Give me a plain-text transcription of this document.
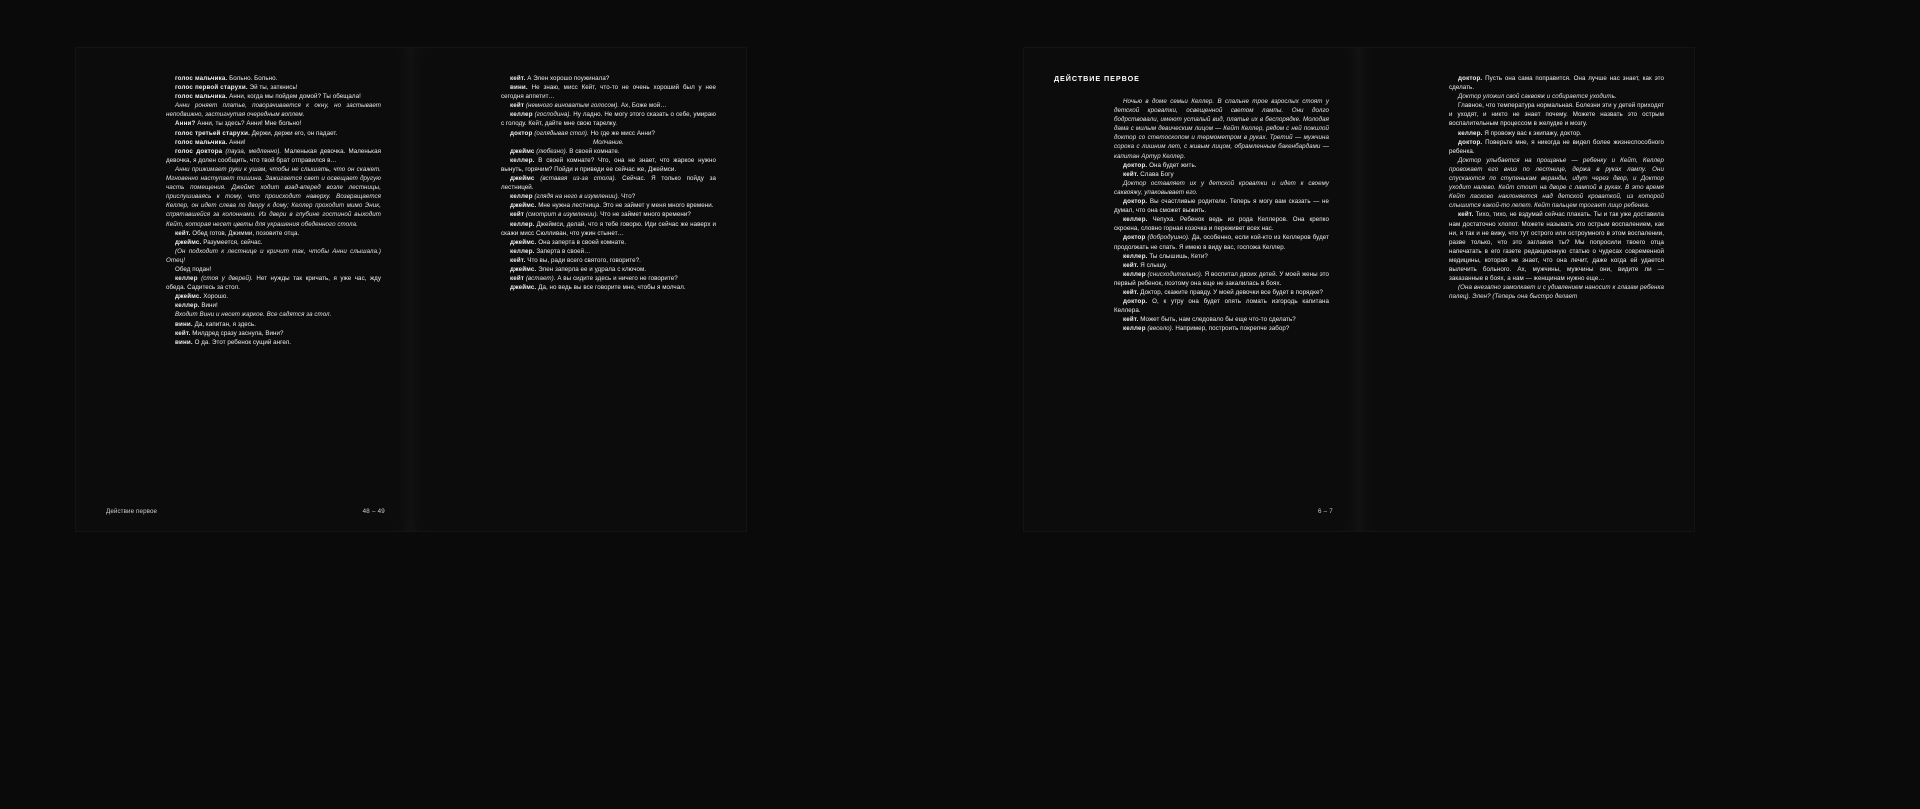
голос мальчика. Больно. Больно.

голос первой старухи. Эй ты, заткнись!

голос мальчика. Анни, когда мы пойдем домой? Ты обещала!

Анни роняет платье, поворачивается к окну, но застывает неподвижно, застигнутая очередным воплем.

Анни? Анни, ты здесь? Анни! Мне больно!

голос третьей старухи. Держи, держи его, он падает.

голос мальчика. Анни!

голос доктора (пауза, медленно). Маленькая девочка. Маленькая девочка, я долен сообщить, что твой брат отправился в…

Анни прижимает руки к ушам, чтобы не слышать, что он скажет. Мгновенно наступает тишина. Зажигается свет и освещает другую часть помещения. Джеймс ходит взад-вперед возле лестницы, прислушиваясь к тому, что происходит наверху. Возвращается Келлер, он идет слева по двору к дому; Келлер проходит мимо Эник, спрятавшейся за колоннами. Из двери в глубине гостиной выходит Кейт, которая несет цветы для украшения обеденного стола.

кейт. Обед готов, Джимми, позовите отца.

джеймс. Разумеется, сейчас.

(Он подходит к лестнице и кричит так, чтобы Анни слышала.) Отец!

Обед подан!

келлер (стоя у дверей). Нет нужды так кричать, я уже час, жду обеда. Садитесь за стол.

джеймс. Хорошо.

келлер. Вини!

Входит Вини и несет жаркое. Все садятся за стол.

вини. Да, капитан, я здесь.

кейт. Милдред сразу заснула, Вини?

вини. О да. Этот ребенок сущий ангел.

Действие первое	48 – 49

кейт. А Элен хорошо поужинала?

вини. Не знаю, мисс Кейт, что-то не очень хороший был у нее сегодня аппетит…

кейт (немного виноватым голосом). Ах, Боже мой…

келлер (господина). Ну ладно. Не могу этого сказать о себе, умираю с голоду. Кейт, дайте мне свою тарелку.

доктор (оглядывая стол). Но где же мисс Анни?

Молчание.

джеймс (любезно). В своей комнате.

келлер. В своей комнате? Что, она не знает, что жаркое нужно вынуть, горячим? Пойди и приведи ее сейчас же, Джеймси.

джеймс (вставая из-за стола). Сейчас. Я только пойду за лестницей.

келлер (глядя на него в изумлении). Что?

джеймс. Мне нужна лестница. Это не займет у меня много времени.

кейт (смотрит в изумлении). Что не займет много времени?

келлер. Джеймси, делай, что я тебе говорю. Иди сейчас же наверх и скажи мисс Сюлливан, что ужин стынет…

джеймс. Она заперта в своей комнате.

келлер. Заперта в своей…

кейт. Что вы, ради всего святого, говорите?.

джеймс. Элен заперла ее и удрала с ключом.

кейт (встает). А вы сидите здесь и ничего не говорите?

джеймс. Да, но ведь вы все говорите мне, чтобы я молчал.

ДЕЙСТВИЕ ПЕРВОЕ

Ночью в доме семьи Келлер. В спальне трое взрослых стоят у детской кроватки, освещенной светом лампы. Они долго бодрствовали, имеют усталый вид, платье их в беспорядке. Молодая дама с милым девическим лицом — Кейт Келлер, рядом с ней пожилой доктор со стетоскопом и термометром в руках. Третий — мужчина сорока с лишним лет, с живым лицом, обрамленным бакенбардами — капитан Артур Келлер.

доктор. Она будет жить.

кейт. Слава Богу

Доктор оставляет их у детской кроватки и идет к своему саквояжу, упаковывает его.

доктор. Вы счастливые родители. Теперь я могу вам сказать — не думал, что она сможет выжить.

келлер. Чепуха. Ребенок ведь из рода Келлеров. Она крепко скроена, словно горная козочка и переживет всех нас.

доктор (добродушно). Да, особенно, если кой-кто из Келлеров будет продолжать не спать. Я имею в виду вас, госпожа Келлер.

келлер. Ты слышишь, Кети?

кейт. Я слышу.

келлер (снисходительно). Я воспитал двоих детей. У моей жены это первый ребенок, поэтому она еще не закалилась в боях.

кейт. Доктор, скажите правду. У моей девочки все будет в порядке?

доктор. О, к утру она будет опять ломать изгородь капитана Келлера.

кейт. Может быть, нам следовало бы еще что-то сделать?

келлер (весело). Например, построить покрепче забор?

6 – 7

доктор. Пусть она сама поправится. Она лучше нас знает, как это сделать.

Доктор уложил свой саквояж и собирается уходить.

Главное, что температура нормальная. Болезни эти у детей приходят и уходят, и никто не знает почему. Можете назвать это острым воспалительным процессом в желудке и мозгу.

келлер. Я провожу вас к экипажу, доктор.

доктор. Поверьте мне, я никогда не видел более жизнеспособного ребенка.

Доктор улыбается на прощанье — ребенку и Кейт, Келлер провожает его вниз по лестнице, держа в руках лампу. Они спускаются по ступенькам веранды, идут через двор, и Доктор уходит налево. Кейт стоит на дворе с лампой в руках. В это время Кейт ласково наклоняется над детской кроваткой, из которой слышится какой-то лепет. Кейт пальцем трогает лицо ребенка.

кейт. Тихо, тихо, не вздумай сейчас плакать. Ты и так уже доставила нам достаточно хлопот. Можете называть это острым воспалением, как ни, я так и не вижу, что тут острого или остроумного в этом воспалении, разве только, что это заглавия ты? Мы попросили твоего отца напечатать в его газете редакционную статью о чудесах современной медицины, которая не знает, что она лечит, даже когда ей удается вылечить больного. Ах, мужчины, мужчины они, видите ли — заказанные в боях, а нам — женщинам нужно еще…

(Она внезапно замолкает и с удивлением наносит к глазам ребенка палец). Элен? (Теперь она быстро делает
